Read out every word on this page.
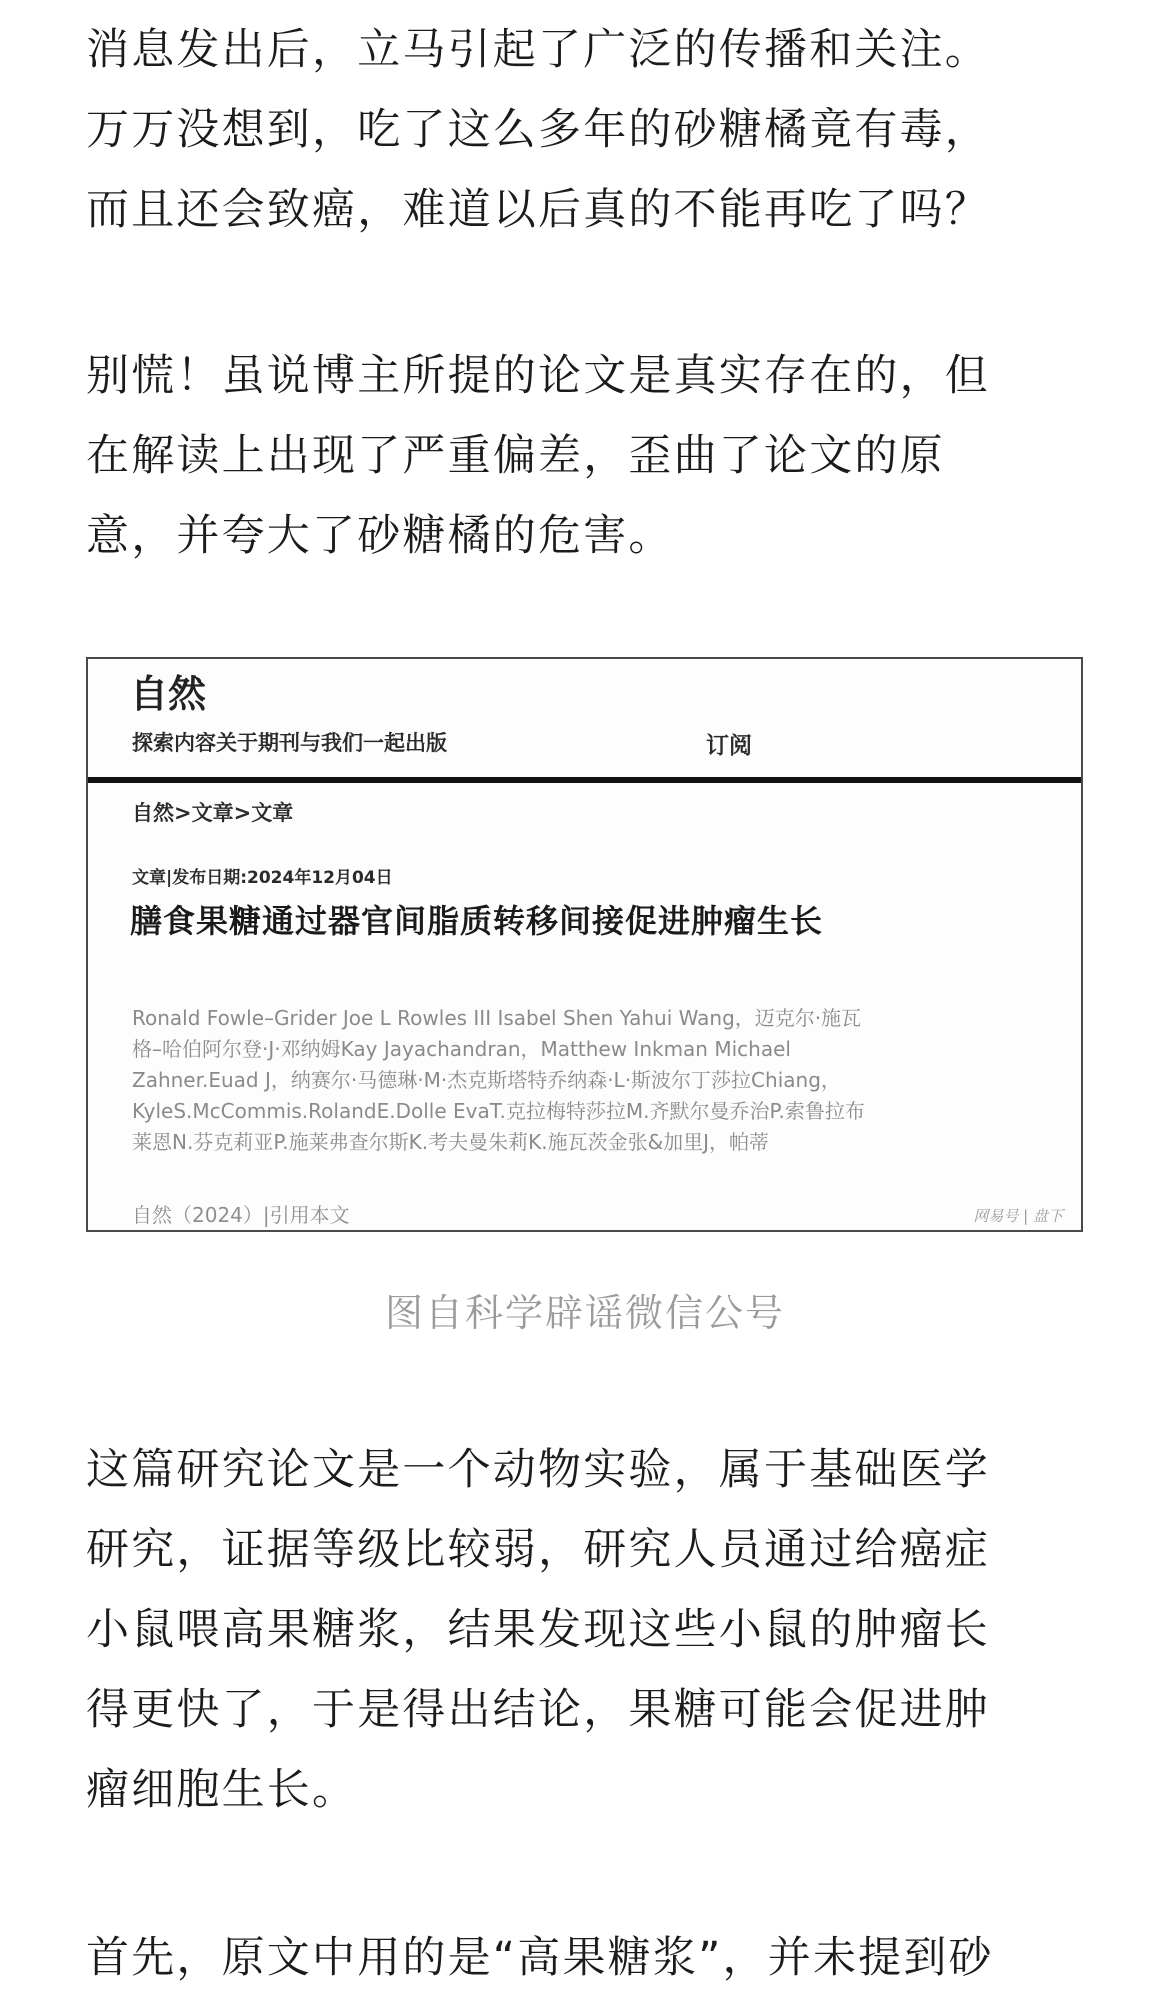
消息发出后，立马引起了广泛的传播和关注。
万万没想到，吃了这么多年的砂糖橘竟有毒，
而且还会致癌，难道以后真的不能再吃了吗？
别慌！虽说博主所提的论文是真实存在的，但
在解读上出现了严重偏差，歪曲了论文的原
意，并夸大了砂糖橘的危害。
自然
探索内容关于期刊与我们一起出版	订阅
自然>文章>文章
文章|发布日期:2024年12月04日
膳食果糖通过器官间脂质转移间接促进肿瘤生长
Ronald Fowle–Grider Joe L Rowles III Isabel Shen Yahui Wang，迈克尔·施瓦
格–哈伯阿尔登·J·邓纳姆Kay Jayachandran，Matthew Inkman Michael
Zahner.Euad J，纳赛尔·马德琳·M·杰克斯塔特乔纳森·L·斯波尔丁莎拉Chiang，
KyleS.McCommis.RolandE.Dolle EvaT.克拉梅特莎拉M.齐默尔曼乔治P.索鲁拉布
莱恩N.芬克莉亚P.施莱弗查尔斯K.考夫曼朱莉K.施瓦茨金张&加里J，帕蒂
自然（2024）|引用本文	网易号 | 盘下
图自科学辟谣微信公号
这篇研究论文是一个动物实验，属于基础医学
研究，证据等级比较弱，研究人员通过给癌症
小鼠喂高果糖浆，结果发现这些小鼠的肿瘤长
得更快了，于是得出结论，果糖可能会促进肿
瘤细胞生长。
首先，原文中用的是“高果糖浆”，并未提到砂
